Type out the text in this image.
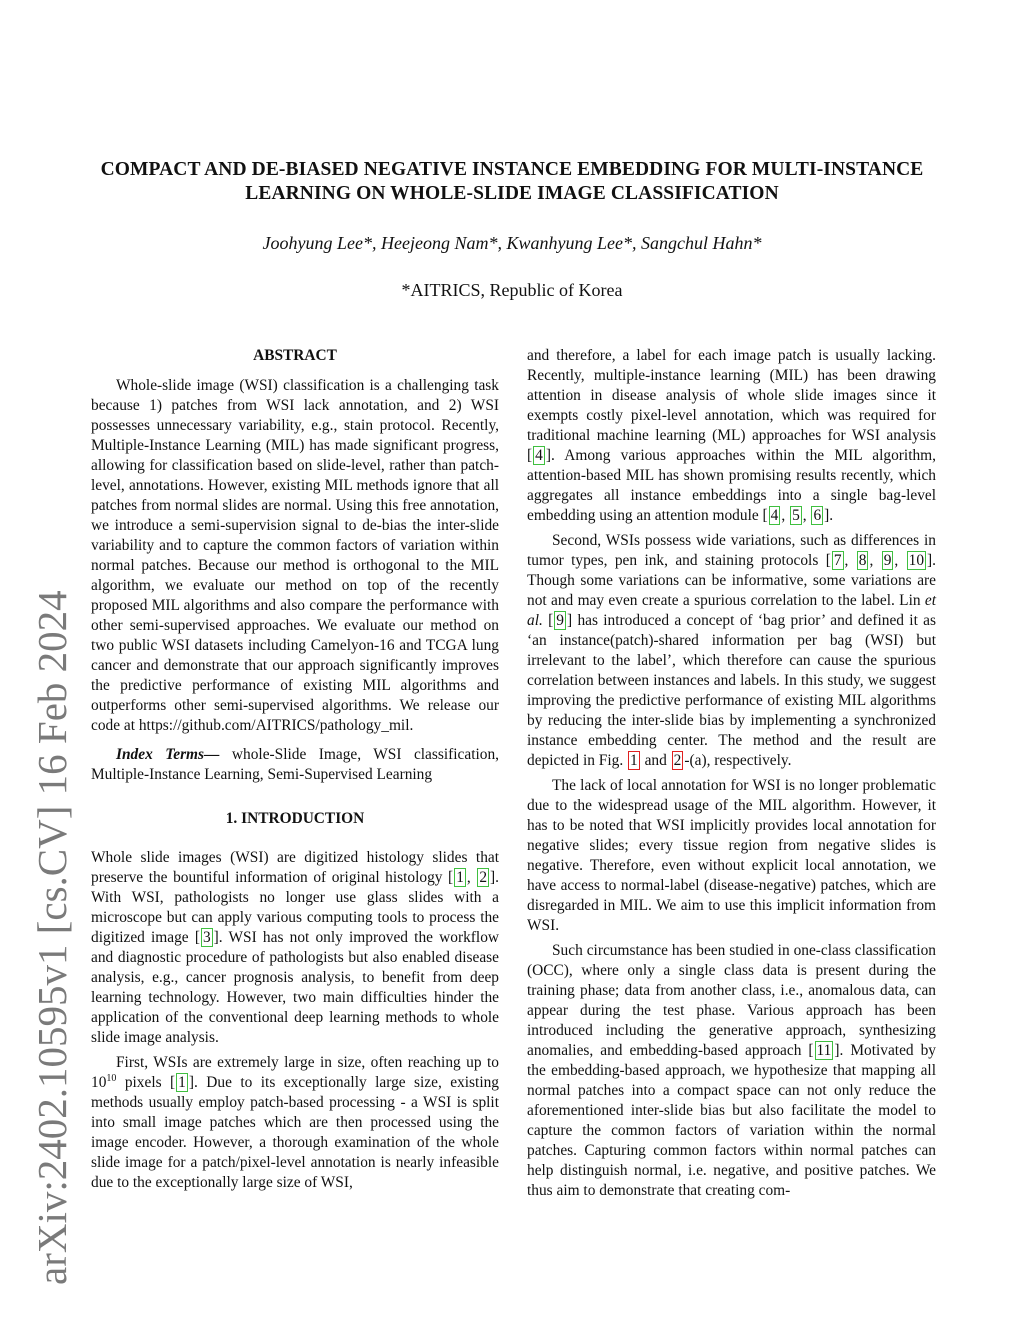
arXiv:2402.10595v1 [cs.CV] 16 Feb 2024
COMPACT AND DE-BIASED NEGATIVE INSTANCE EMBEDDING FOR MULTI-INSTANCE LEARNING ON WHOLE-SLIDE IMAGE CLASSIFICATION
Joohyung Lee*, Heejeong Nam*, Kwanhyung Lee*, Sangchul Hahn*
*AITRICS, Republic of Korea
ABSTRACT

Whole-slide image (WSI) classification is a challenging task because 1) patches from WSI lack annotation, and 2) WSI possesses unnecessary variability, e.g., stain protocol. Recently, Multiple-Instance Learning (MIL) has made significant progress, allowing for classification based on slide-level, rather than patch-level, annotations. However, existing MIL methods ignore that all patches from normal slides are normal. Using this free annotation, we introduce a semi-supervision signal to de-bias the inter-slide variability and to capture the common factors of variation within normal patches. Because our method is orthogonal to the MIL algorithm, we evaluate our method on top of the recently proposed MIL algorithms and also compare the performance with other semi-supervised approaches. We evaluate our method on two public WSI datasets including Camelyon-16 and TCGA lung cancer and demonstrate that our approach significantly improves the predictive performance of existing MIL algorithms and outperforms other semi-supervised algorithms. We release our code at https://github.com/AITRICS/pathology_mil.

Index Terms— whole-Slide Image, WSI classification, Multiple-Instance Learning, Semi-Supervised Learning

1. INTRODUCTION

Whole slide images (WSI) are digitized histology slides that preserve the bountiful information of original histology [ 1 , 2 ]. With WSI, pathologists no longer use glass slides with a microscope but can apply various computing tools to process the digitized image [ 3 ]. WSI has not only improved the workflow and diagnostic procedure of pathologists but also enabled disease analysis, e.g., cancer prognosis analysis, to benefit from deep learning technology. However, two main difficulties hinder the application of the conventional deep learning methods to whole slide image analysis.

First, WSIs are extremely large in size, often reaching up to $10^{10}$ pixels [ 1 ]. Due to its exceptionally large size, existing methods usually employ patch-based processing - a WSI is split into small image patches which are then processed using the image encoder. However, a thorough examination of the whole slide image for a patch/pixel-level annotation is nearly infeasible due to the exceptionally large size of WSI,

and therefore, a label for each image patch is usually lacking. Recently, multiple-instance learning (MIL) has been drawing attention in disease analysis of whole slide images since it exempts costly pixel-level annotation, which was required for traditional machine learning (ML) approaches for WSI analysis [ 4 ]. Among various approaches within the MIL algorithm, attention-based MIL has shown promising results recently, which aggregates all instance embeddings into a single bag-level embedding using an attention module [ 4 , 5 , 6 ].

Second, WSIs possess wide variations, such as differences in tumor types, pen ink, and staining protocols [ 7 , 8 , 9 , 10 ]. Though some variations can be informative, some variations are not and may even create a spurious correlation to the label. Lin et al. [ 9 ] has introduced a concept of ‘bag prior’ and defined it as ‘an instance(patch)-shared information per bag (WSI) but irrelevant to the label’, which therefore can cause the spurious correlation between instances and labels. In this study, we suggest improving the predictive performance of existing MIL algorithms by reducing the inter-slide bias by implementing a synchronized instance embedding center. The method and the result are depicted in Fig. 1 and 2 -(a), respectively.

The lack of local annotation for WSI is no longer problematic due to the widespread usage of the MIL algorithm. However, it has to be noted that WSI implicitly provides local annotation for negative slides; every tissue region from negative slides is negative. Therefore, even without explicit local annotation, we have access to normal-label (disease-negative) patches, which are disregarded in MIL. We aim to use this implicit information from WSI.

Such circumstance has been studied in one-class classification (OCC), where only a single class data is present during the training phase; data from another class, i.e., anomalous data, can appear during the test phase. Various approach has been introduced including the generative approach, synthesizing anomalies, and embedding-based approach [ 11 ]. Motivated by the embedding-based approach, we hypothesize that mapping all normal patches into a compact space can not only reduce the aforementioned inter-slide bias but also facilitate the model to capture the common factors of variation within the normal patches. Capturing common factors within normal patches can help distinguish normal, i.e. negative, and positive patches. We thus aim to demonstrate that creating com-
